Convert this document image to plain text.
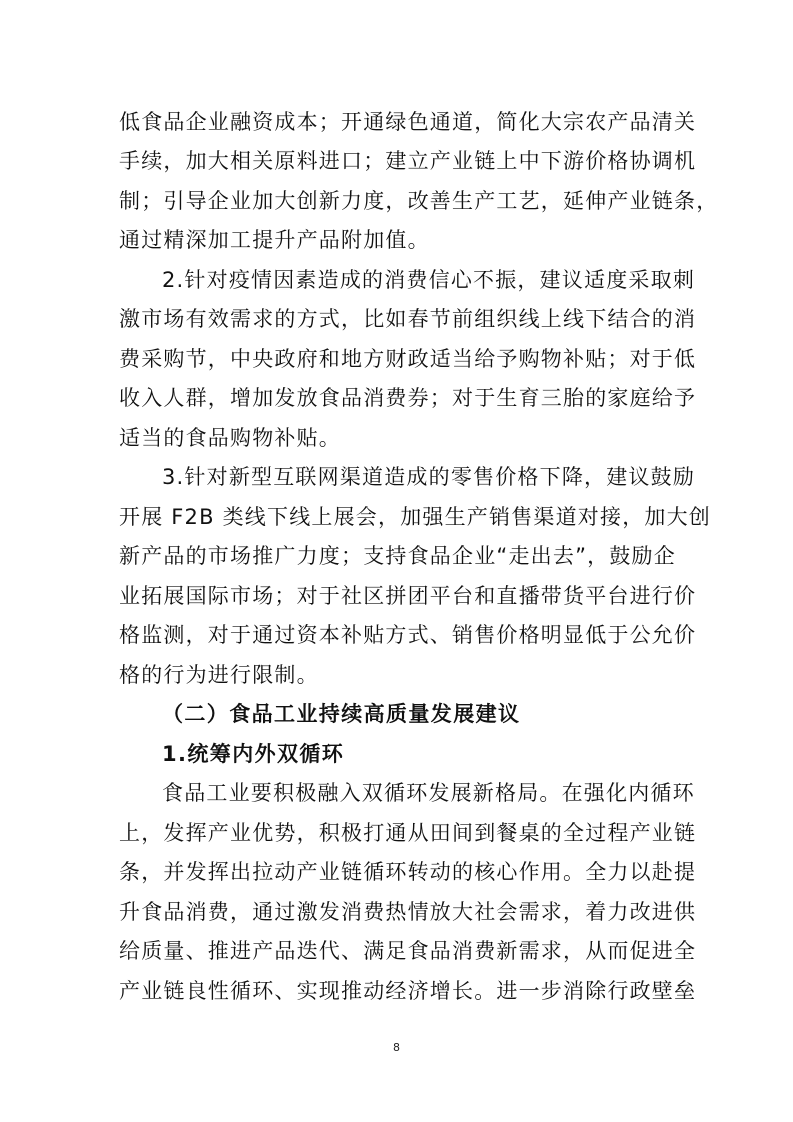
低食品企业融资成本；开通绿色通道，简化大宗农产品清关
手续，加大相关原料进口；建立产业链上中下游价格协调机
制；引导企业加大创新力度，改善生产工艺，延伸产业链条，
通过精深加工提升产品附加值。
2.针对疫情因素造成的消费信心不振，建议适度采取刺
激市场有效需求的方式，比如春节前组织线上线下结合的消
费采购节，中央政府和地方财政适当给予购物补贴；对于低
收入人群，增加发放食品消费券；对于生育三胎的家庭给予
适当的食品购物补贴。
3.针对新型互联网渠道造成的零售价格下降，建议鼓励
开展 F2B 类线下线上展会，加强生产销售渠道对接，加大创
新产品的市场推广力度；支持食品企业“走出去”，鼓励企
业拓展国际市场；对于社区拼团平台和直播带货平台进行价
格监测，对于通过资本补贴方式、销售价格明显低于公允价
格的行为进行限制。
（二）食品工业持续高质量发展建议
1.统筹内外双循环
食品工业要积极融入双循环发展新格局。在强化内循环
上，发挥产业优势，积极打通从田间到餐桌的全过程产业链
条，并发挥出拉动产业链循环转动的核心作用。全力以赴提
升食品消费，通过激发消费热情放大社会需求，着力改进供
给质量、推进产品迭代、满足食品消费新需求，从而促进全
产业链良性循环、实现推动经济增长。进一步消除行政壁垒
8
